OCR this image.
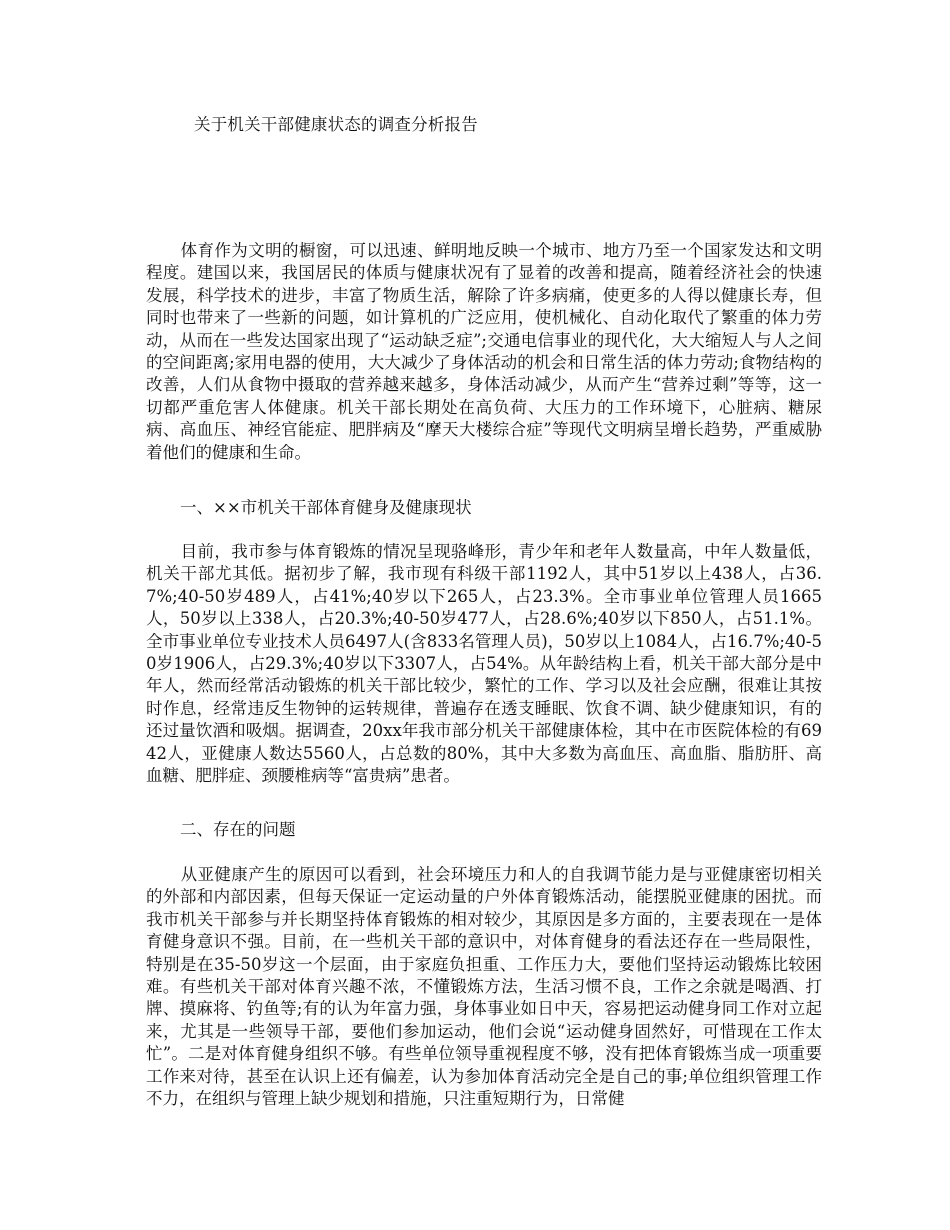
关于机关干部健康状态的调查分析报告

体育作为文明的橱窗，可以迅速、鲜明地反映一个城市、地方乃至一个国家发达和文明程度。建国以来，我国居民的体质与健康状况有了显着的改善和提高，随着经济社会的快速发展，科学技术的进步，丰富了物质生活，解除了许多病痛，使更多的人得以健康长寿，但同时也带来了一些新的问题，如计算机的广泛应用，使机械化、自动化取代了繁重的体力劳动，从而在一些发达国家出现了“运动缺乏症”;交通电信事业的现代化，大大缩短人与人之间的空间距离;家用电器的使用，大大减少了身体活动的机会和日常生活的体力劳动;食物结构的改善，人们从食物中摄取的营养越来越多，身体活动减少，从而产生“营养过剩”等等，这一切都严重危害人体健康。机关干部长期处在高负荷、大压力的工作环境下，心脏病、糖尿病、高血压、神经官能症、肥胖病及“摩天大楼综合症”等现代文明病呈增长趋势，严重威胁着他们的健康和生命。

一、××市机关干部体育健身及健康现状

目前，我市参与体育锻炼的情况呈现骆峰形，青少年和老年人数量高，中年人数量低，机关干部尤其低。据初步了解，我市现有科级干部1192人，其中51岁以上438人，占36.7%;40-50岁489人，占41%;40岁以下265人，占23.3%。全市事业单位管理人员1665人，50岁以上338人，占20.3%;40-50岁477人，占28.6%;40岁以下850人，占51.1%。全市事业单位专业技术人员6497人(含833名管理人员)，50岁以上1084人，占16.7%;40-50岁1906人，占29.3%;40岁以下3307人，占54%。从年龄结构上看，机关干部大部分是中年人，然而经常活动锻炼的机关干部比较少，繁忙的工作、学习以及社会应酬，很难让其按时作息，经常违反生物钟的运转规律，普遍存在透支睡眠、饮食不调、缺少健康知识，有的还过量饮酒和吸烟。据调查，20xx年我市部分机关干部健康体检，其中在市医院体检的有6942人，亚健康人数达5560人，占总数的80%，其中大多数为高血压、高血脂、脂肪肝、高血糖、肥胖症、颈腰椎病等“富贵病”患者。

二、存在的问题

从亚健康产生的原因可以看到，社会环境压力和人的自我调节能力是与亚健康密切相关的外部和内部因素，但每天保证一定运动量的户外体育锻炼活动，能摆脱亚健康的困扰。而我市机关干部参与并长期坚持体育锻炼的相对较少，其原因是多方面的，主要表现在一是体育健身意识不强。目前，在一些机关干部的意识中，对体育健身的看法还存在一些局限性，特别是在35-50岁这一个层面，由于家庭负担重、工作压力大，要他们坚持运动锻炼比较困难。有些机关干部对体育兴趣不浓，不懂锻炼方法，生活习惯不良，工作之余就是喝酒、打牌、摸麻将、钓鱼等;有的认为年富力强，身体事业如日中天，容易把运动健身同工作对立起来，尤其是一些领导干部，要他们参加运动，他们会说“运动健身固然好，可惜现在工作太忙”。二是对体育健身组织不够。有些单位领导重视程度不够，没有把体育锻炼当成一项重要工作来对待，甚至在认识上还有偏差，认为参加体育活动完全是自己的事;单位组织管理工作不力，在组织与管理上缺少规划和措施，只注重短期行为，日常健
